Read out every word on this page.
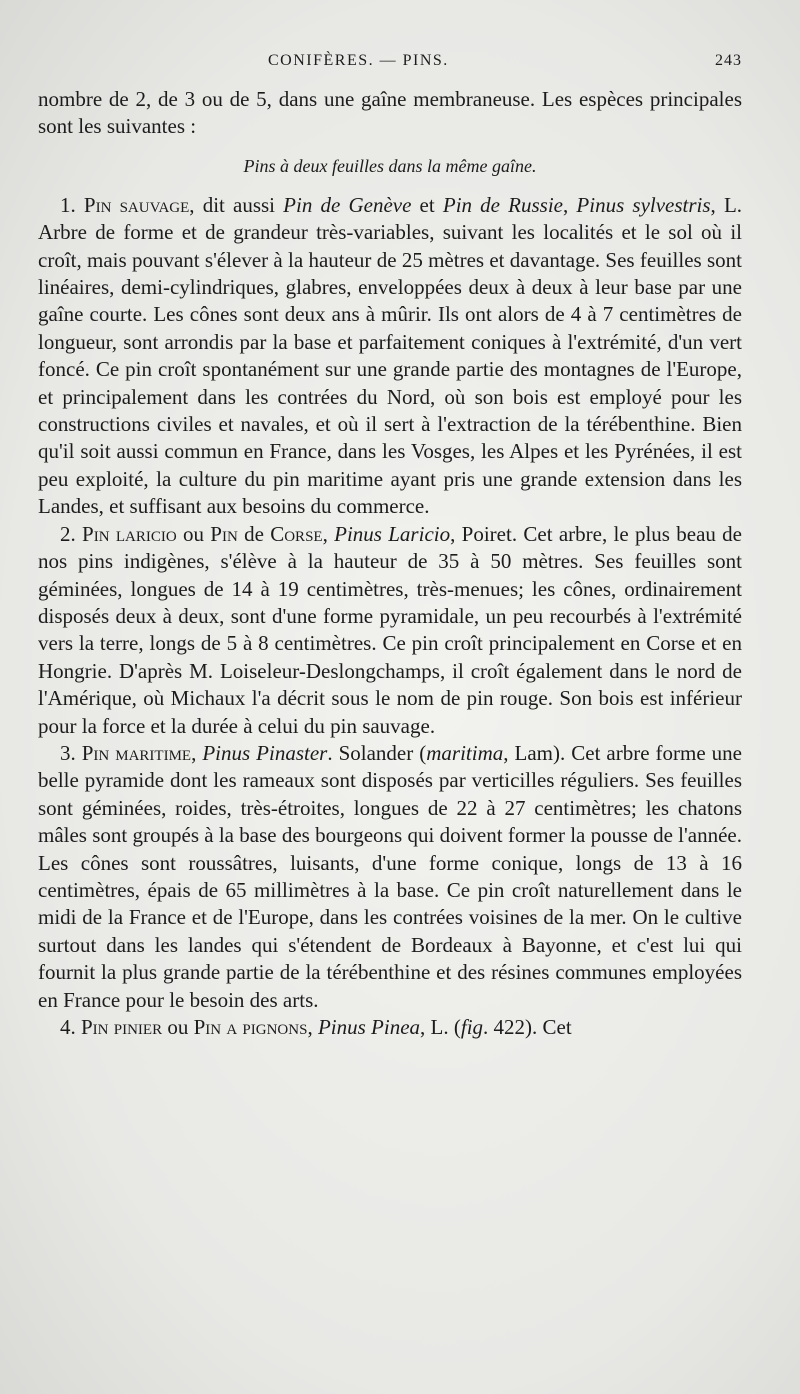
CONIFÈRES. — PINS.	243

nombre de 2, de 3 ou de 5, dans une gaîne membraneuse. Les espèces principales sont les suivantes :

Pins à deux feuilles dans la même gaîne.

1. Pin sauvage, dit aussi Pin de Genève et Pin de Russie, Pinus sylvestris, L. Arbre de forme et de grandeur très-variables, suivant les localités et le sol où il croît, mais pouvant s'élever à la hauteur de 25 mètres et davantage. Ses feuilles sont linéaires, demi-cylindriques, glabres, enveloppées deux à deux à leur base par une gaîne courte. Les cônes sont deux ans à mûrir. Ils ont alors de 4 à 7 centimètres de longueur, sont arrondis par la base et parfaitement coniques à l'extrémité, d'un vert foncé. Ce pin croît spontanément sur une grande partie des montagnes de l'Europe, et principalement dans les contrées du Nord, où son bois est employé pour les constructions civiles et navales, et où il sert à l'extraction de la térébenthine. Bien qu'il soit aussi commun en France, dans les Vosges, les Alpes et les Pyrénées, il est peu exploité, la culture du pin maritime ayant pris une grande extension dans les Landes, et suffisant aux besoins du commerce.

2. Pin laricio ou Pin de Corse, Pinus Laricio, Poiret. Cet arbre, le plus beau de nos pins indigènes, s'élève à la hauteur de 35 à 50 mètres. Ses feuilles sont géminées, longues de 14 à 19 centimètres, très-menues; les cônes, ordinairement disposés deux à deux, sont d'une forme pyramidale, un peu recourbés à l'extrémité vers la terre, longs de 5 à 8 centimètres. Ce pin croît principalement en Corse et en Hongrie. D'après M. Loiseleur-Deslongchamps, il croît également dans le nord de l'Amérique, où Michaux l'a décrit sous le nom de pin rouge. Son bois est inférieur pour la force et la durée à celui du pin sauvage.

3. Pin maritime, Pinus Pinaster. Solander (maritima, Lam). Cet arbre forme une belle pyramide dont les rameaux sont disposés par verticilles réguliers. Ses feuilles sont géminées, roides, très-étroites, longues de 22 à 27 centimètres; les chatons mâles sont groupés à la base des bourgeons qui doivent former la pousse de l'année. Les cônes sont roussâtres, luisants, d'une forme conique, longs de 13 à 16 centimètres, épais de 65 millimètres à la base. Ce pin croît naturellement dans le midi de la France et de l'Europe, dans les contrées voisines de la mer. On le cultive surtout dans les landes qui s'étendent de Bordeaux à Bayonne, et c'est lui qui fournit la plus grande partie de la térébenthine et des résines communes employées en France pour le besoin des arts.

4. Pin pinier ou Pin a pignons, Pinus Pinea, L. (fig. 422). Cet
